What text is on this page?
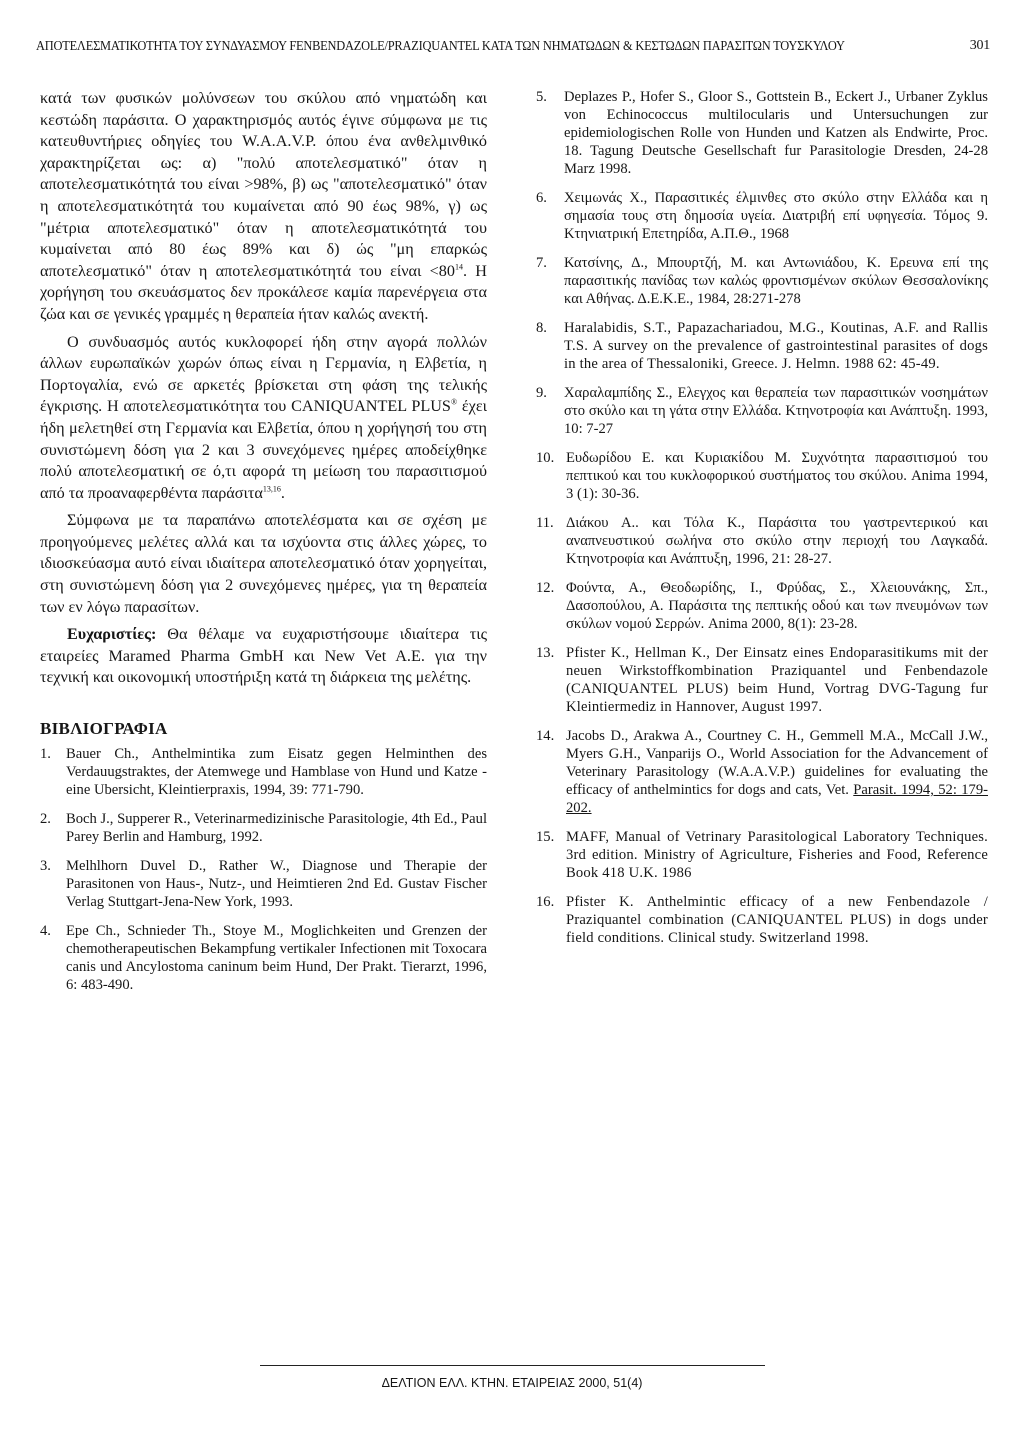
ΑΠΟΤΕΛΕΣΜΑΤΙΚΟΤΗΤΑ ΤΟΥ ΣΥΝΔΥΑΣΜΟΥ FENBENDAZOLE/PRAZIQUANTEL ΚΑΤΑ ΤΩΝ ΝΗΜΑΤΩΔΩΝ & ΚΕΣΤΩΔΩΝ ΠΑΡΑΣΙΤΩΝ ΤΟΥΣΚΥΛΟΥ	301

κατά των φυσικών μολύνσεων του σκύλου από νηματώδη και κεστώδη παράσιτα. Ο χαρακτηρισμός αυτός έγινε σύμφωνα με τις κατευθυντήριες οδηγίες του W.A.A.V.P. όπου ένα ανθελμινθικό χαρακτηρίζεται ως: α) "πολύ αποτελεσματικό" όταν η αποτελεσματικότητά του είναι >98%, β) ως "αποτελεσματικό" όταν η αποτελεσματικότητά του κυμαίνεται από 90 έως 98%, γ) ως "μέτρια αποτελεσματικό" όταν η αποτελεσματικότητά του κυμαίνεται από 80 έως 89% και δ) ώς "μη επαρκώς αποτελεσματικό" όταν η αποτελεσματικότητά του $\varepsilon ί\nu\alpha\iota <80^{14}$. Η χορήγηση του σκευάσματος δεν προκάλεσε καμία παρενέργεια στα ζώα και σε γενικές γραμμές η θεραπεία ήταν καλώς ανεκτή.

Ο συνδυασμός αυτός κυκλοφορεί ήδη στην αγορά πολλών άλλων ευρωπαϊκών χωρών όπως είναι η Γερμανία, η Ελβετία, η Πορτογαλία, ενώ σε αρκετές βρίσκεται στη φάση της τελικής έγκρισης. Η αποτελεσματικότητα του CANIQUANTEL PLUS® έχει ήδη μελετηθεί στη Γερμανία και Ελβετία, όπου η χορήγησή του στη συνιστώμενη δόση για 2 και 3 συνεχόμενες ημέρες αποδείχθηκε πολύ αποτελεσματική σε ό,τι αφορά τη μείωση του παρασιτισμού από τα προαναφερθέντα παράσιτα$^{13,16}$.

Σύμφωνα με τα παραπάνω αποτελέσματα και σε σχέση με προηγούμενες μελέτες αλλά και τα ισχύοντα στις άλλες χώρες, το ιδιοσκεύασμα αυτό είναι ιδιαίτερα αποτελεσματικό όταν χορηγείται, στη συνιστώμενη δόση για 2 συνεχόμενες ημέρες, για τη θεραπεία των εν λόγω παρασίτων.

Ευχαριστίες: Θα θέλαμε να ευχαριστήσουμε ιδιαίτερα τις εταιρείες Maramed Pharma GmbH και New Vet A.E. για την τεχνική και οικονομική υποστήριξη κατά τη διάρκεια της μελέτης.

ΒΙΒΛΙΟΓΡΑΦΙΑ
1.	Bauer Ch., Anthelmintika zum Eisatz gegen Helminthen des Verdauugstraktes, der Atemwege und Hamblase von Hund und Katze - eine Ubersicht, Kleintierpraxis, 1994, 39: 771-790.
2.	Boch J., Supperer R., Veterinarmedizinische Parasitologie, 4th Ed., Paul Parey Berlin and Hamburg, 1992.
3.	Melhlhorn Duvel D., Rather W., Diagnose und Therapie der Parasitonen von Haus-, Nutz-, und Heimtieren 2nd Ed. Gustav Fischer Verlag Stuttgart-Jena-New York, 1993.
4.	Epe Ch., Schnieder Th., Stoye M., Moglichkeiten und Grenzen der chemotherapeutischen Bekampfung vertikaler Infectionen mit Toxocara canis und Ancylostoma caninum beim Hund, Der Prakt. Tierarzt, 1996, 6: 483-490.
5.	Deplazes P., Hofer S., Gloor S., Gottstein B., Eckert J., Urbaner Zyklus von Echinococcus multilocularis und Untersuchungen zur epidemiologischen Rolle von Hunden und Katzen als Endwirte, Proc. 18. Tagung Deutsche Gesellschaft fur Parasitologie Dresden, 24-28 Marz 1998.
6.	Χειμωνάς Χ., Παρασιτικές έλμινθες στο σκύλο στην Ελλάδα και η σημασία τους στη δημοσία υγεία. Διατριβή επί υφηγεσία. Τόμος 9. Κτηνιατρική Επετηρίδα, Α.Π.Θ., 1968
7.	Κατσίνης, Δ., Μπουρτζή, Μ. και Αντωνιάδου, Κ. Ερευνα επί της παρασιτικής πανίδας των καλώς φροντισμένων σκύλων Θεσσαλονίκης και Αθήνας. Δ.Ε.Κ.Ε., 1984, 28:271-278
8.	Haralabidis, S.T., Papazachariadou, M.G., Koutinas, A.F. and Rallis T.S. A survey on the prevalence of gastrointestinal parasites of dogs in the area of Thessaloniki, Greece. J. Helmn. 1988 62: 45-49.
9.	Χαραλαμπίδης Σ., Ελεγχος και θεραπεία των παρασιτικών νοσημάτων στο σκύλο και τη γάτα στην Ελλάδα. Κτηνοτροφία και Ανάπτυξη. 1993, 10: 7-27
10. Ευδωρίδου Ε. και Κυριακίδου Μ. Συχνότητα παρασιτισμού του πεπτικού και του κυκλοφορικού συστήματος του σκύλου. Anima 1994, 3 (1): 30-36.
11. Διάκου Α.. και Τόλα Κ., Παράσιτα του γαστρεντερικού και αναπνευστικού σωλήνα στο σκύλο στην περιοχή του Λαγκαδά. Κτηνοτροφία και Ανάπτυξη, 1996, 21: 28-27.
12. Φούντα, Α., Θεοδωρίδης, Ι., Φρύδας, Σ., Χλειουνάκης, Σπ., Δασοπούλου, Α. Παράσιτα της πεπτικής οδού και των πνευμόνων των σκύλων νομού Σερρών. Anima 2000, 8(1): 23-28.
13. Pfister K., Hellman K., Der Einsatz eines Endoparasitikums mit der neuen Wirkstoffkombination Praziquantel und Fenbendazole (CANIQUANTEL PLUS) beim Hund, Vortrag DVG-Tagung fur Kleintiermediz in Hannover, August 1997.
14. Jacobs D., Arakwa A., Courtney C. H., Gemmell M.A., McCall J.W., Myers G.H., Vanparijs O., World Association for the Advancement of Veterinary Parasitology (W.A.A.V.P.) guidelines for evaluating the efficacy of anthelmintics for dogs and cats, Vet. Parasit. 1994, 52: 179-202.
15. MAFF, Manual of Vetrinary Parasitological Laboratory Techniques. 3rd edition. Ministry of Agriculture, Fisheries and Food, Reference Book 418 U.K. 1986
16. Pfister K. Anthelmintic efficacy of a new Fenbendazole / Praziquantel combination (CANIQUANTEL PLUS) in dogs under field conditions. Clinical study. Switzerland 1998.
ΔΕΛΤΙΟΝ ΕΛΛ. ΚΤΗΝ. ΕΤΑΙΡΕΙΑΣ 2000, 51(4)
